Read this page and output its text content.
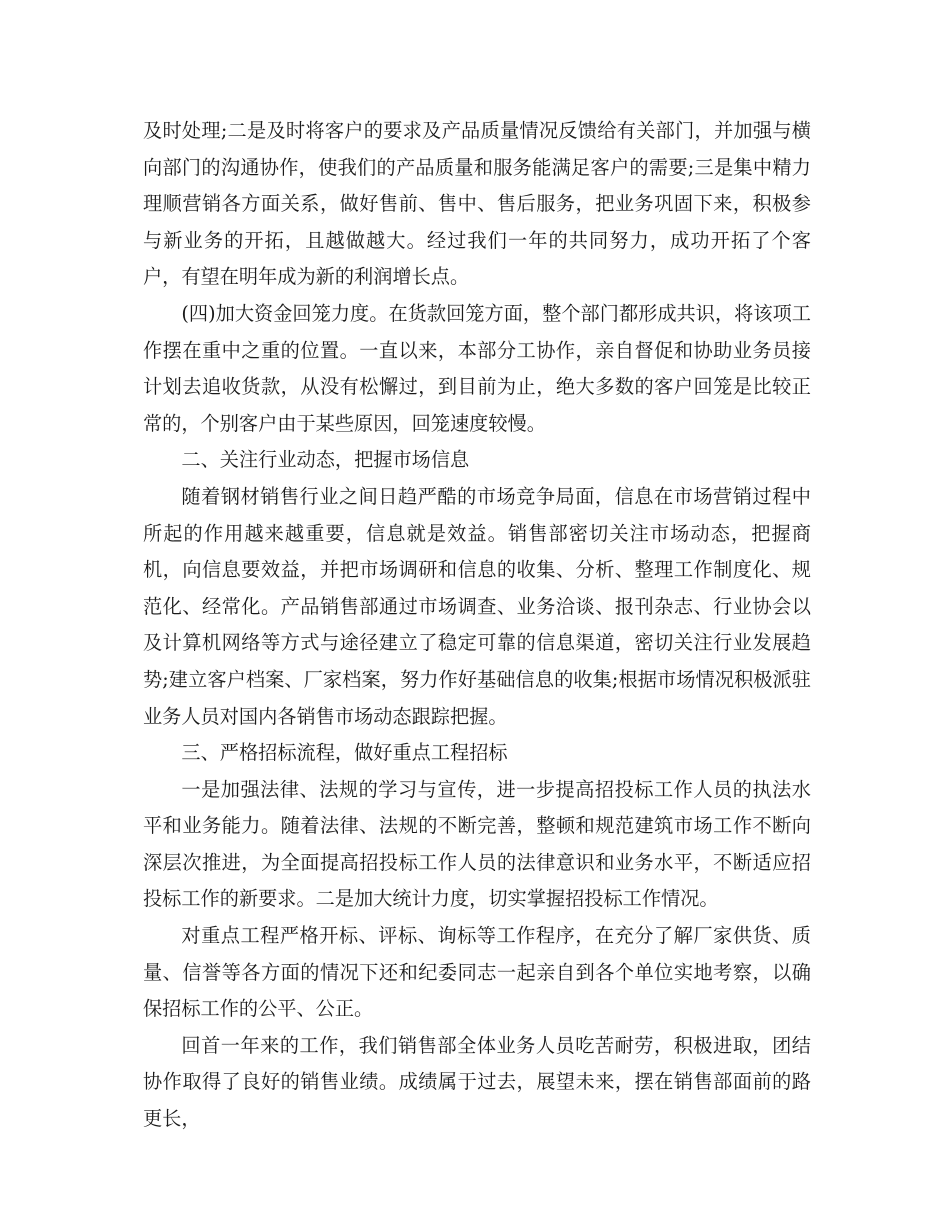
及时处理;二是及时将客户的要求及产品质量情况反馈给有关部门，并加强与横向部门的沟通协作，使我们的产品质量和服务能满足客户的需要;三是集中精力理顺营销各方面关系，做好售前、售中、售后服务，把业务巩固下来，积极参与新业务的开拓，且越做越大。经过我们一年的共同努力，成功开拓了个客户，有望在明年成为新的利润增长点。

(四)加大资金回笼力度。在货款回笼方面，整个部门都形成共识，将该项工作摆在重中之重的位置。一直以来，本部分工协作，亲自督促和协助业务员接计划去追收货款，从没有松懈过，到目前为止，绝大多数的客户回笼是比较正常的，个别客户由于某些原因，回笼速度较慢。

二、关注行业动态，把握市场信息

随着钢材销售行业之间日趋严酷的市场竞争局面，信息在市场营销过程中所起的作用越来越重要，信息就是效益。销售部密切关注市场动态，把握商机，向信息要效益，并把市场调研和信息的收集、分析、整理工作制度化、规范化、经常化。产品销售部通过市场调查、业务洽谈、报刊杂志、行业协会以及计算机网络等方式与途径建立了稳定可靠的信息渠道，密切关注行业发展趋势;建立客户档案、厂家档案，努力作好基础信息的收集;根据市场情况积极派驻业务人员对国内各销售市场动态跟踪把握。

三、严格招标流程，做好重点工程招标

一是加强法律、法规的学习与宣传，进一步提高招投标工作人员的执法水平和业务能力。随着法律、法规的不断完善，整顿和规范建筑市场工作不断向深层次推进，为全面提高招投标工作人员的法律意识和业务水平，不断适应招投标工作的新要求。二是加大统计力度，切实掌握招投标工作情况。

对重点工程严格开标、评标、询标等工作程序，在充分了解厂家供货、质量、信誉等各方面的情况下还和纪委同志一起亲自到各个单位实地考察，以确保招标工作的公平、公正。

回首一年来的工作，我们销售部全体业务人员吃苦耐劳，积极进取，团结协作取得了良好的销售业绩。成绩属于过去，展望未来，摆在销售部面前的路更长，
